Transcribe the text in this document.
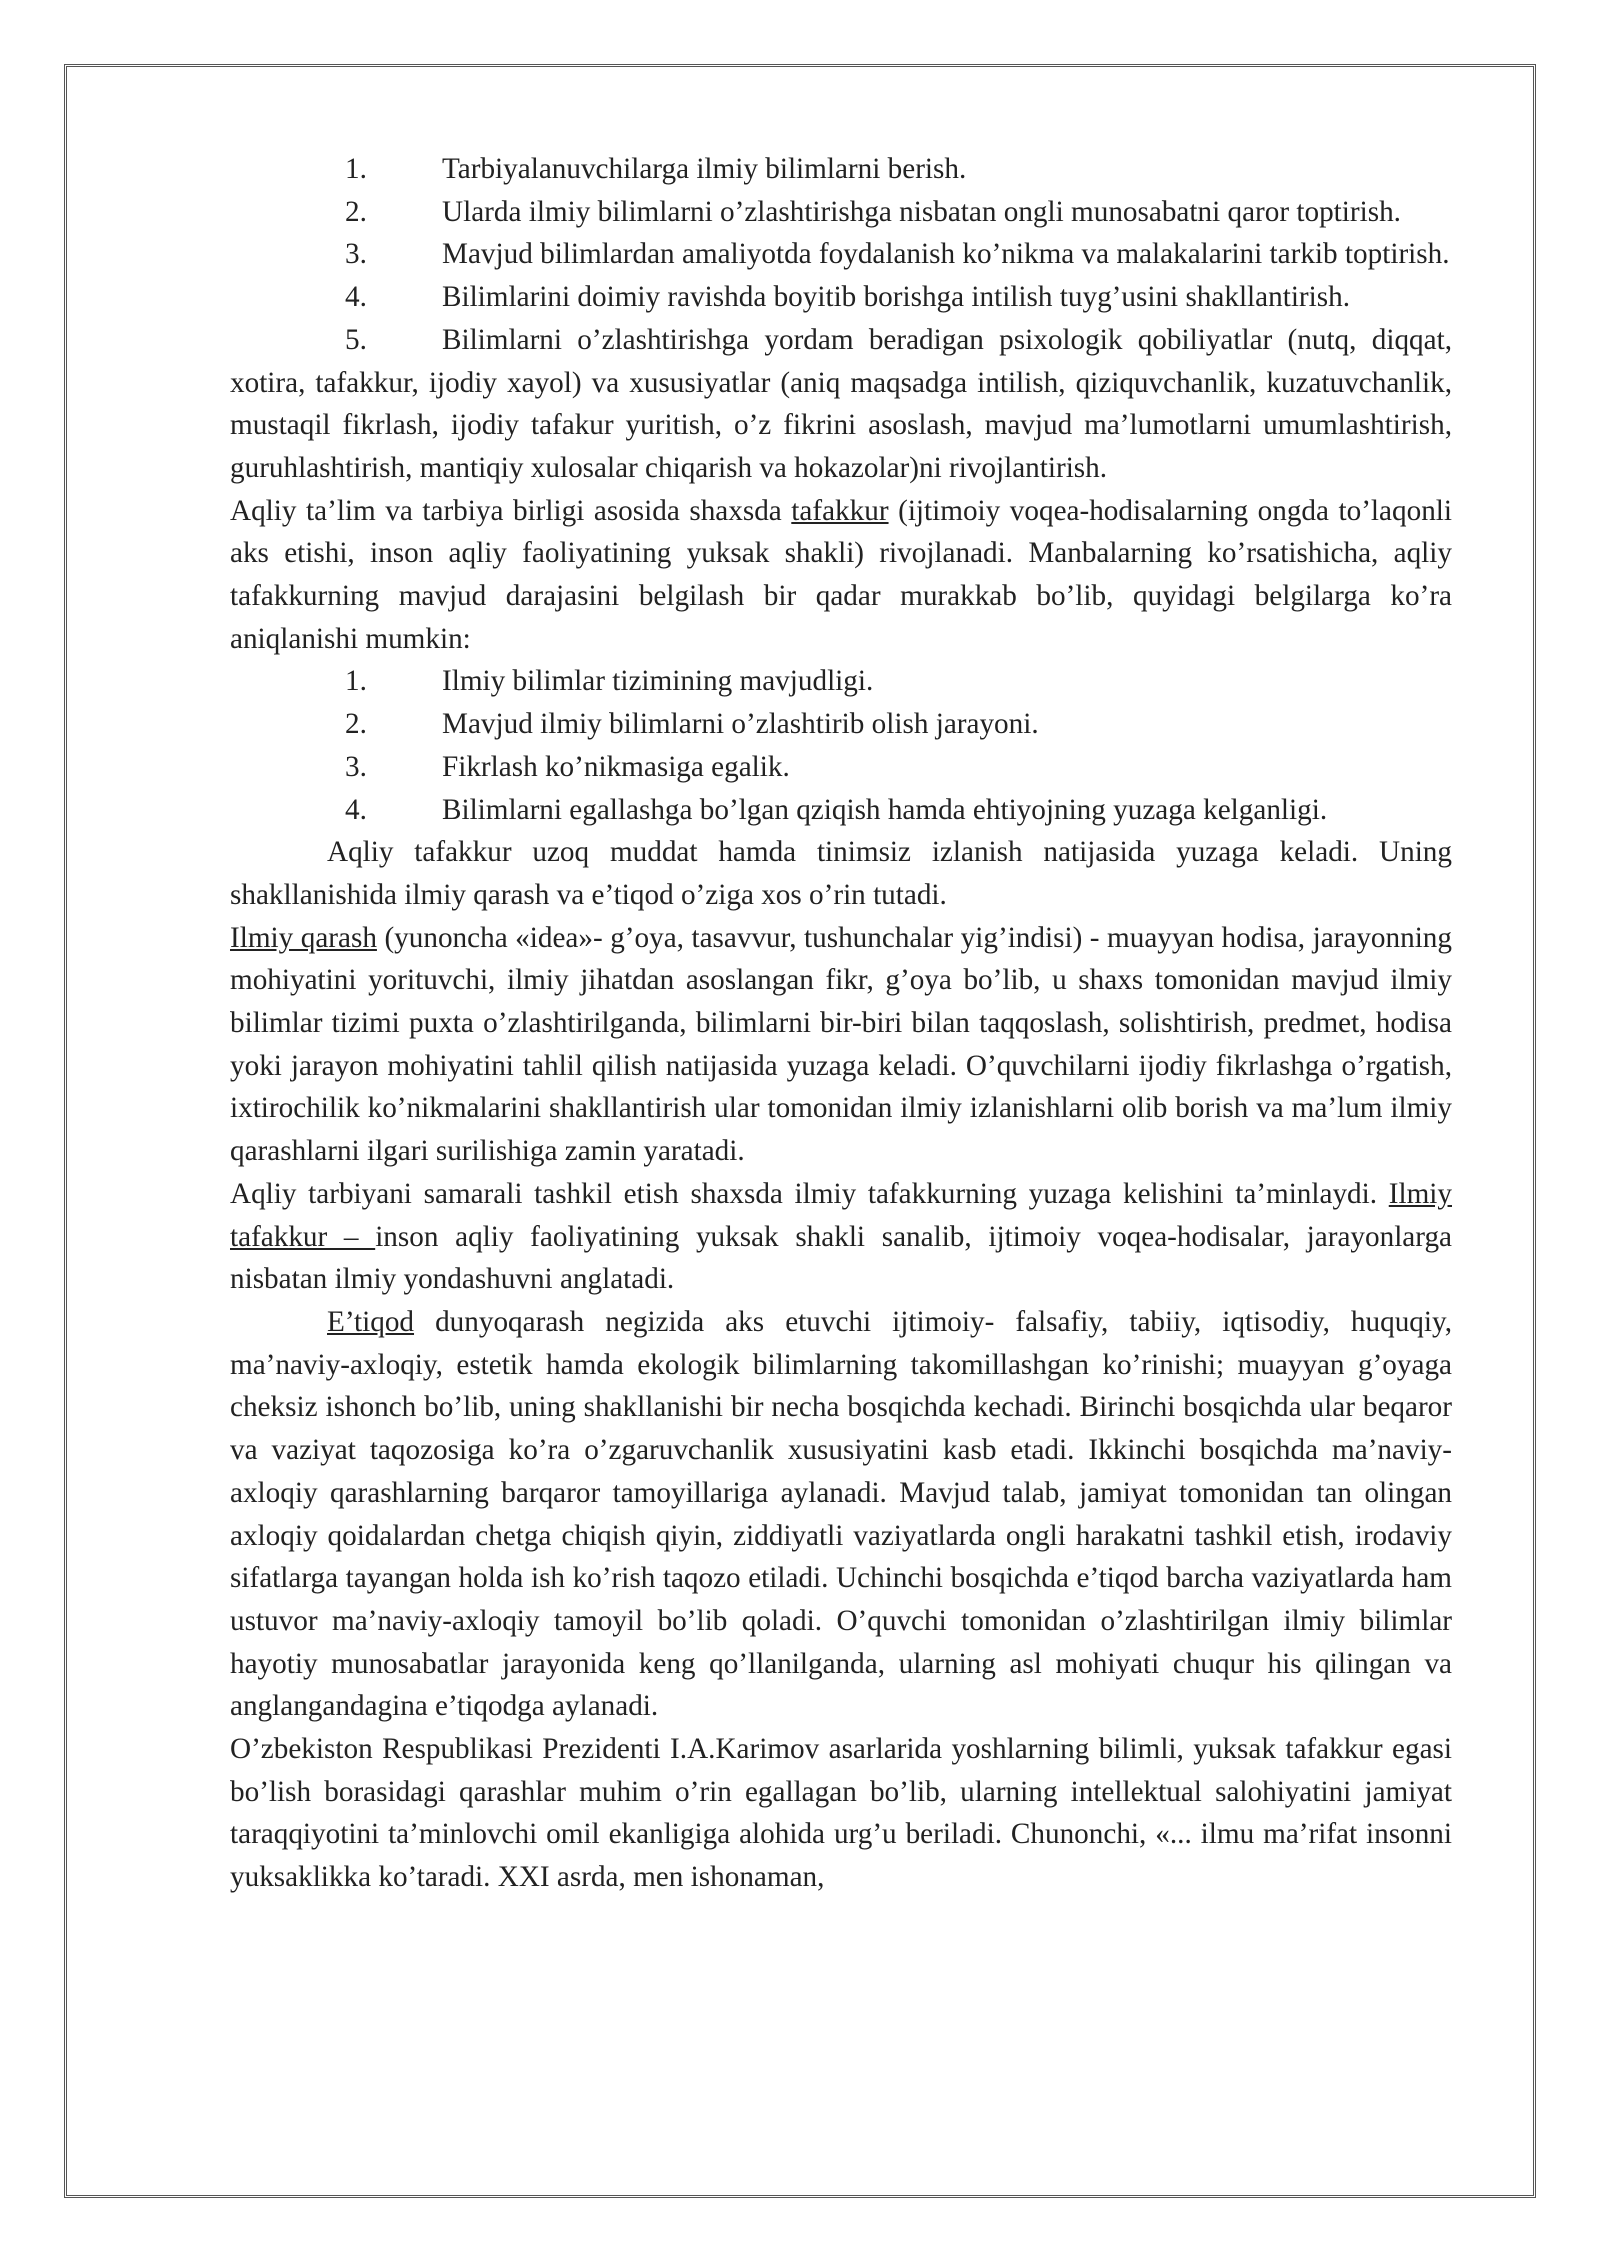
1.	Tarbiyalanuvchilarga ilmiy bilimlarni berish.

2.	Ularda ilmiy bilimlarni o’zlashtirishga nisbatan ongli munosabatni qaror toptirish.

3.	Mavjud bilimlardan amaliyotda foydalanish ko’nikma va malakalarini tarkib toptirish.

4.	Bilimlarini doimiy ravishda boyitib borishga intilish tuyg’usini shakllantirish.

5.	Bilimlarni o’zlashtirishga yordam beradigan psixologik qobiliyatlar (nutq, diqqat, xotira, tafakkur, ijodiy xayol) va xususiyatlar (aniq maqsadga intilish, qiziquvchanlik, kuzatuvchanlik, mustaqil fikrlash, ijodiy tafakur yuritish, o’z fikrini asoslash, mavjud ma’lumotlarni umumlashtirish, guruhlashtirish, mantiqiy xulosalar chiqarish va hokazolar)ni rivojlantirish.

Aqliy ta’lim va tarbiya birligi asosida shaxsda tafakkur (ijtimoiy voqea-hodisalarning ongda to’laqonli aks etishi, inson aqliy faoliyatining yuksak shakli) rivojlanadi. Manbalarning ko’rsatishicha, aqliy tafakkurning mavjud darajasini belgilash bir qadar murakkab bo’lib, quyidagi belgilarga ko’ra aniqlanishi mumkin:

1.	Ilmiy bilimlar tizimining mavjudligi.

2.	Mavjud ilmiy bilimlarni o’zlashtirib olish jarayoni.

3.	Fikrlash ko’nikmasiga egalik.

4.	Bilimlarni egallashga bo’lgan qziqish hamda ehtiyojning yuzaga kelganligi.

Aqliy tafakkur uzoq muddat hamda tinimsiz izlanish natijasida yuzaga keladi. Uning shakllanishida ilmiy qarash va e’tiqod o’ziga xos o’rin tutadi.

Ilmiy qarash (yunoncha «idea»- g’oya, tasavvur, tushunchalar yig’indisi) - muayyan hodisa, jarayonning mohiyatini yorituvchi, ilmiy jihatdan asoslangan fikr, g’oya bo’lib, u shaxs tomonidan mavjud ilmiy bilimlar tizimi puxta o’zlashtirilganda, bilimlarni bir-biri bilan taqqoslash, solishtirish, predmet, hodisa yoki jarayon mohiyatini tahlil qilish natijasida yuzaga keladi. O’quvchilarni ijodiy fikrlashga o’rgatish, ixtirochilik ko’nikmalarini shakllantirish ular tomonidan ilmiy izlanishlarni olib borish va ma’lum ilmiy qarashlarni ilgari surilishiga zamin yaratadi.

Aqliy tarbiyani samarali tashkil etish shaxsda ilmiy tafakkurning yuzaga kelishini ta’minlaydi. Ilmiy tafakkur – inson aqliy faoliyatining yuksak shakli sanalib, ijtimoiy voqea-hodisalar, jarayonlarga nisbatan ilmiy yondashuvni anglatadi.

E’tiqod dunyoqarash negizida aks etuvchi ijtimoiy- falsafiy, tabiiy, iqtisodiy, huquqiy, ma’naviy-axloqiy, estetik hamda ekologik bilimlarning takomillashgan ko’rinishi; muayyan g’oyaga cheksiz ishonch bo’lib, uning shakllanishi bir necha bosqichda kechadi. Birinchi bosqichda ular beqaror va vaziyat taqozosiga ko’ra o’zgaruvchanlik xususiyatini kasb etadi. Ikkinchi bosqichda ma’naviy-axloqiy qarashlarning barqaror tamoyillariga aylanadi. Mavjud talab, jamiyat tomonidan tan olingan axloqiy qoidalardan chetga chiqish qiyin, ziddiyatli vaziyatlarda ongli harakatni tashkil etish, irodaviy sifatlarga tayangan holda ish ko’rish taqozo etiladi. Uchinchi bosqichda e’tiqod barcha vaziyatlarda ham ustuvor ma’naviy-axloqiy tamoyil bo’lib qoladi. O’quvchi tomonidan o’zlashtirilgan ilmiy bilimlar hayotiy munosabatlar jarayonida keng qo’llanilganda, ularning asl mohiyati chuqur his qilingan va anglangandagina e’tiqodga aylanadi.

O’zbekiston Respublikasi Prezidenti I.A.Karimov asarlarida yoshlarning bilimli, yuksak tafakkur egasi bo’lish borasidagi qarashlar muhim o’rin egallagan bo’lib, ularning intellektual salohiyatini jamiyat taraqqiyotini ta’minlovchi omil ekanligiga alohida urg’u beriladi. Chunonchi, «... ilmu ma’rifat insonni yuksaklikka ko’taradi. XXI asrda, men ishonaman,
